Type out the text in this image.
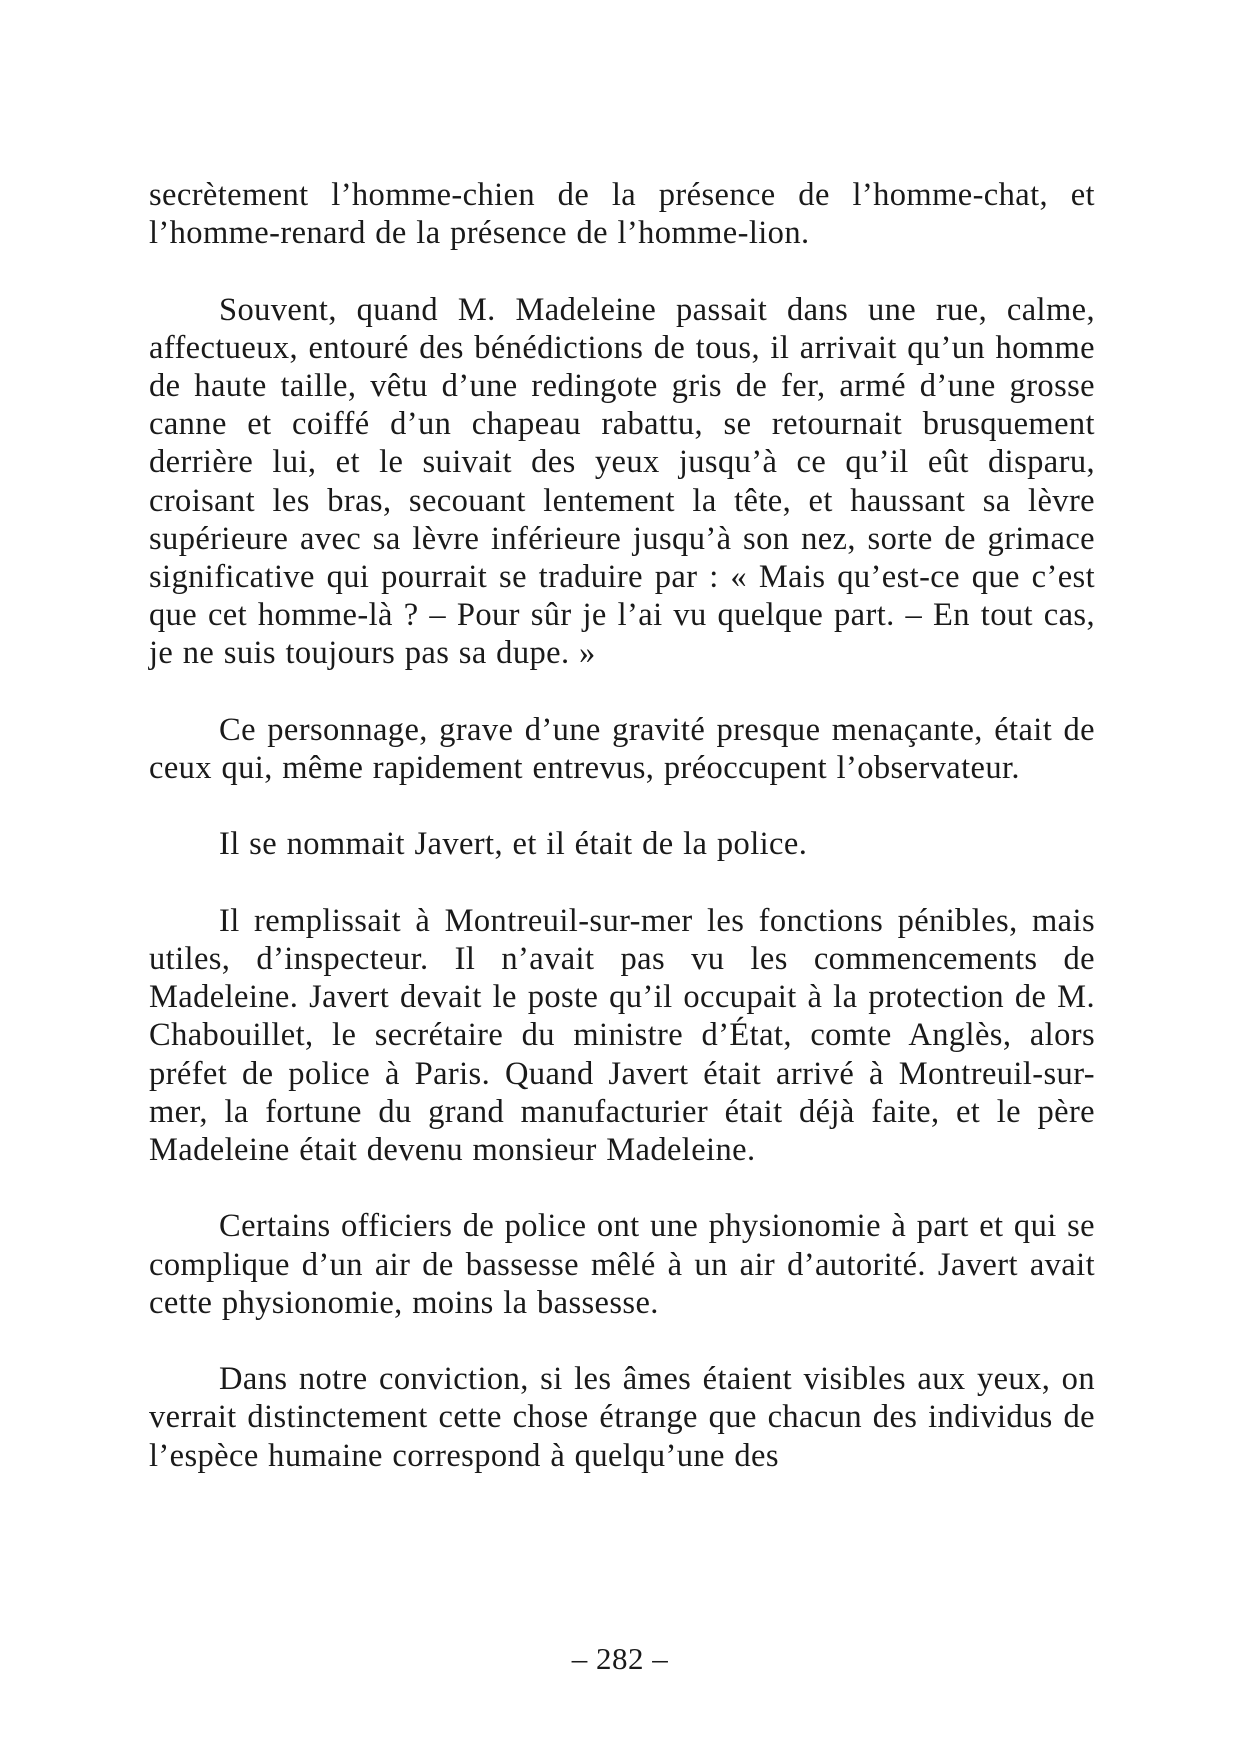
secrètement l’homme-chien de la présence de l’homme-chat, et l’homme-renard de la présence de l’homme-lion.

Souvent, quand M. Madeleine passait dans une rue, calme, affectueux, entouré des bénédictions de tous, il arrivait qu’un homme de haute taille, vêtu d’une redingote gris de fer, armé d’une grosse canne et coiffé d’un chapeau rabattu, se retournait brusquement derrière lui, et le suivait des yeux jusqu’à ce qu’il eût disparu, croisant les bras, secouant lentement la tête, et haussant sa lèvre supérieure avec sa lèvre inférieure jusqu’à son nez, sorte de grimace significative qui pourrait se traduire par : « Mais qu’est-ce que c’est que cet homme-là ? – Pour sûr je l’ai vu quelque part. – En tout cas, je ne suis toujours pas sa dupe. »

Ce personnage, grave d’une gravité presque menaçante, était de ceux qui, même rapidement entrevus, préoccupent l’observateur.

Il se nommait Javert, et il était de la police.

Il remplissait à Montreuil-sur-mer les fonctions pénibles, mais utiles, d’inspecteur. Il n’avait pas vu les commencements de Madeleine. Javert devait le poste qu’il occupait à la protection de M. Chabouillet, le secrétaire du ministre d’État, comte Anglès, alors préfet de police à Paris. Quand Javert était arrivé à Montreuil-sur-mer, la fortune du grand manufacturier était déjà faite, et le père Madeleine était devenu monsieur Madeleine.

Certains officiers de police ont une physionomie à part et qui se complique d’un air de bassesse mêlé à un air d’autorité. Javert avait cette physionomie, moins la bassesse.

Dans notre conviction, si les âmes étaient visibles aux yeux, on verrait distinctement cette chose étrange que chacun des individus de l’espèce humaine correspond à quelqu’une des

– 282 –
